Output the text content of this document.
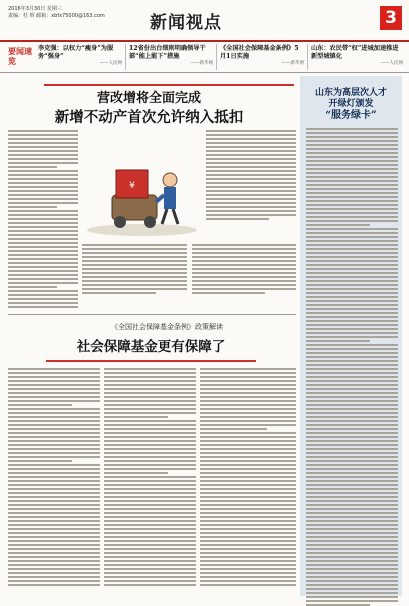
2016年3月30日 星期三
责编：杜 辉 邮箱：xbfx75000@163.com	新闻视点	3
要闻速览
李克强：以权力“瘦身”为服务“强身”
——人民网
12省份出台细则明确领导干部“能上能下”措施
——新华网
《全国社会保障基金条例》5月1日实施
——新华网
山东：农民带“权”进城加速推进新型城镇化
——人民网
营改增将全面完成
新增不动产首次允许纳入抵扣
¥
《全国社会保障基金条例》政策解读
社会保障基金更有保障了
山东为高层次人才
开绿灯颁发
“服务绿卡”
